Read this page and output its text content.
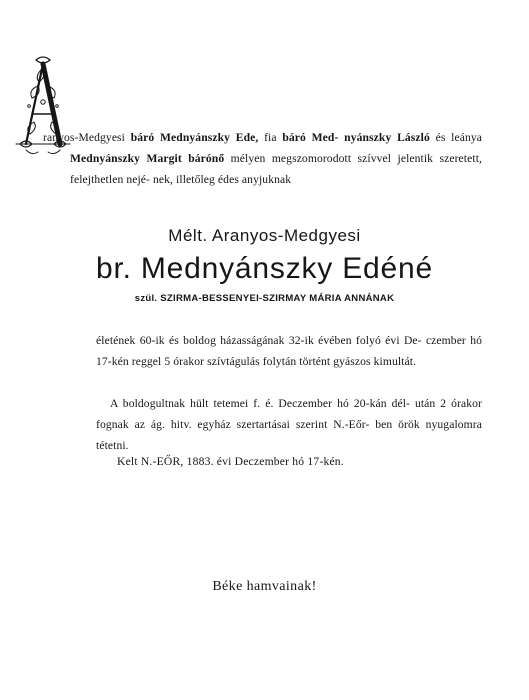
ranyos-Medgyesi báró Mednyánszky Ede, fia báró Med- nyánszky László és leánya Mednyánszky Margit bárónő mélyen megszomorodott szívvel jelentik szeretett, felejthetlen nejé- nek, illetőleg édes anyjuknak
Mélt. Aranyos-Medgyesi
br. Mednyánszky Edéné
szül. SZIRMA-BESSENYEI-SZIRMAY MÁRIA ANNÁNAK
életének 60-ik és boldog házasságának 32-ik évében folyó évi De- czember hó 17-kén reggel 5 órakor szívtágulás folytán történt gyászos kimultát.
A boldogultnak hült tetemei f. é. Deczember hó 20-kán dél- után 2 órakor fognak az ág. hitv. egyház szertartásai szerint N.-Eőr- ben örök nyugalomra tétetni.
Kelt N.-EŐR, 1883. évi Deczember hó 17-kén.
Béke hamvainak!
